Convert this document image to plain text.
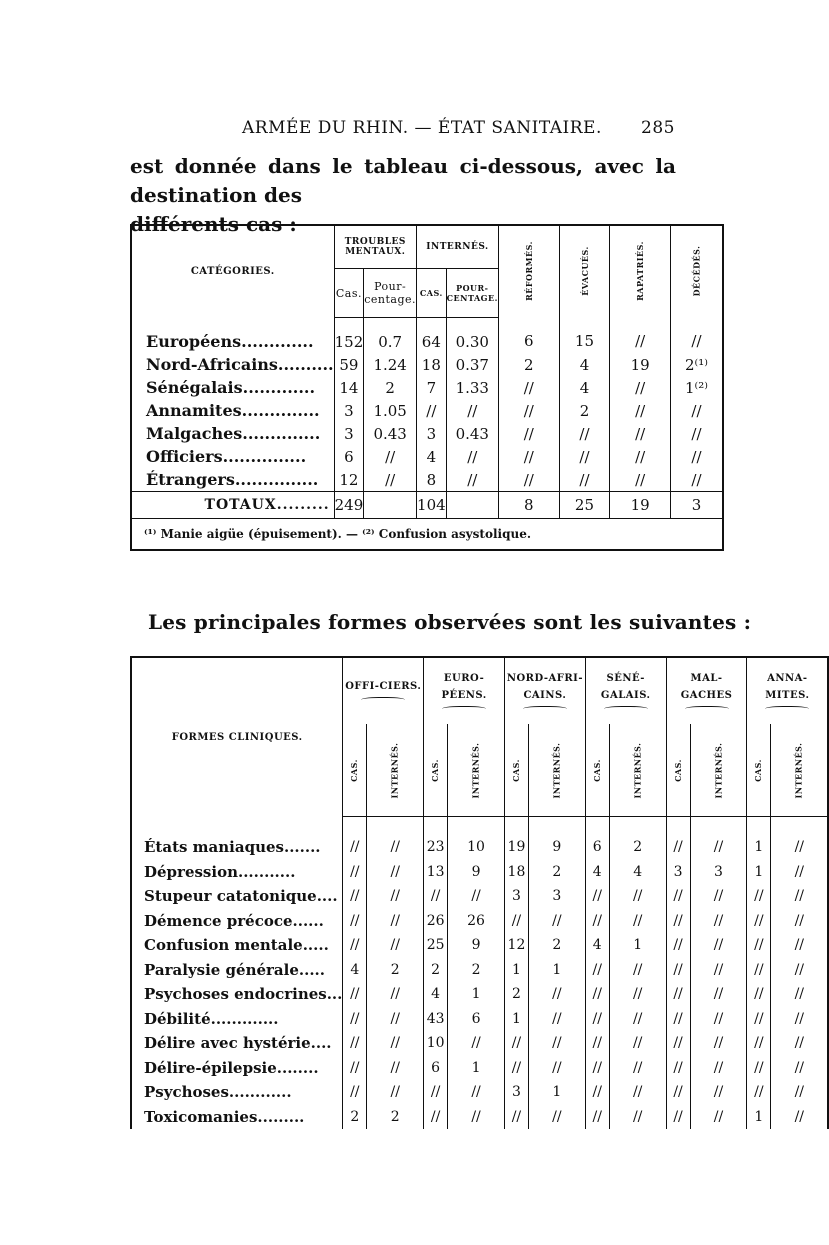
ARMÉE DU RHIN. — ÉTAT SANITAIRE. 285
est donnée dans le tableau ci-dessous, avec la destination des
différents cas :
CATÉGORIES.	TROUBLES MENTAUX.		INTERNÉS.		RÉFORMÉS.	ÉVACUÉS.	RAPATRIÉS.	DÉCÉDÉS.
	Cas.	Pour-centage.	CAS.	POUR-CENTAGE.				
Européens.............	152	0.7	64	0.30	6	15	//	//
Nord-Africains..........	59	1.24	18	0.37	2	4	19	2⁽¹⁾
Sénégalais.............	14	2	7	1.33	//	4	//	1⁽²⁾
Annamites..............	3	1.05	//	//	//	2	//	//
Malgaches..............	3	0.43	3	0.43	//	//	//	//
Officiers...............	6	//	4	//	//	//	//	//
Étrangers...............	12	//	8	//	//	//	//	//
TOTAUX.........	249		104		8	25	19	3
⁽¹⁾ Manie aigüe (épuisement). — ⁽²⁾ Confusion asystolique.								
Les principales formes observées sont les suivantes :
FORMES CLINIQUES.	OFFI-CIERS.		EURO-PÉENS.		NORD-AFRI-CAINS.		SÉNÉ-GALAIS.		MAL-GACHES		ANNA-MITES.	

	CAS.	INTERNÉS.	CAS.	INTERNÉS.	CAS.	INTERNÉS.	CAS.	INTERNÉS.	CAS.	INTERNÉS.	CAS.	INTERNÉS.
États maniaques.......	//	//	23	10	19	9	6	2	//	//	1	//
Dépression...........	//	//	13	9	18	2	4	4	3	3	1	//
Stupeur catatonique....	//	//	//	//	3	3	//	//	//	//	//	//
Démence précoce......	//	//	26	26	//	//	//	//	//	//	//	//
Confusion mentale.....	//	//	25	9	12	2	4	1	//	//	//	//
Paralysie générale.....	4	2	2	2	1	1	//	//	//	//	//	//
Psychoses endocrines...	//	//	4	1	2	//	//	//	//	//	//	//
Débilité.............	//	//	43	6	1	//	//	//	//	//	//	//
Délire avec hystérie....	//	//	10	//	//	//	//	//	//	//	//	//
Délire-épilepsie........	//	//	6	1	//	//	//	//	//	//	//	//
Psychoses............	//	//	//	//	3	1	//	//	//	//	//	//
Toxicomanies.........	2	2	//	//	//	//	//	//	//	//	1	//
